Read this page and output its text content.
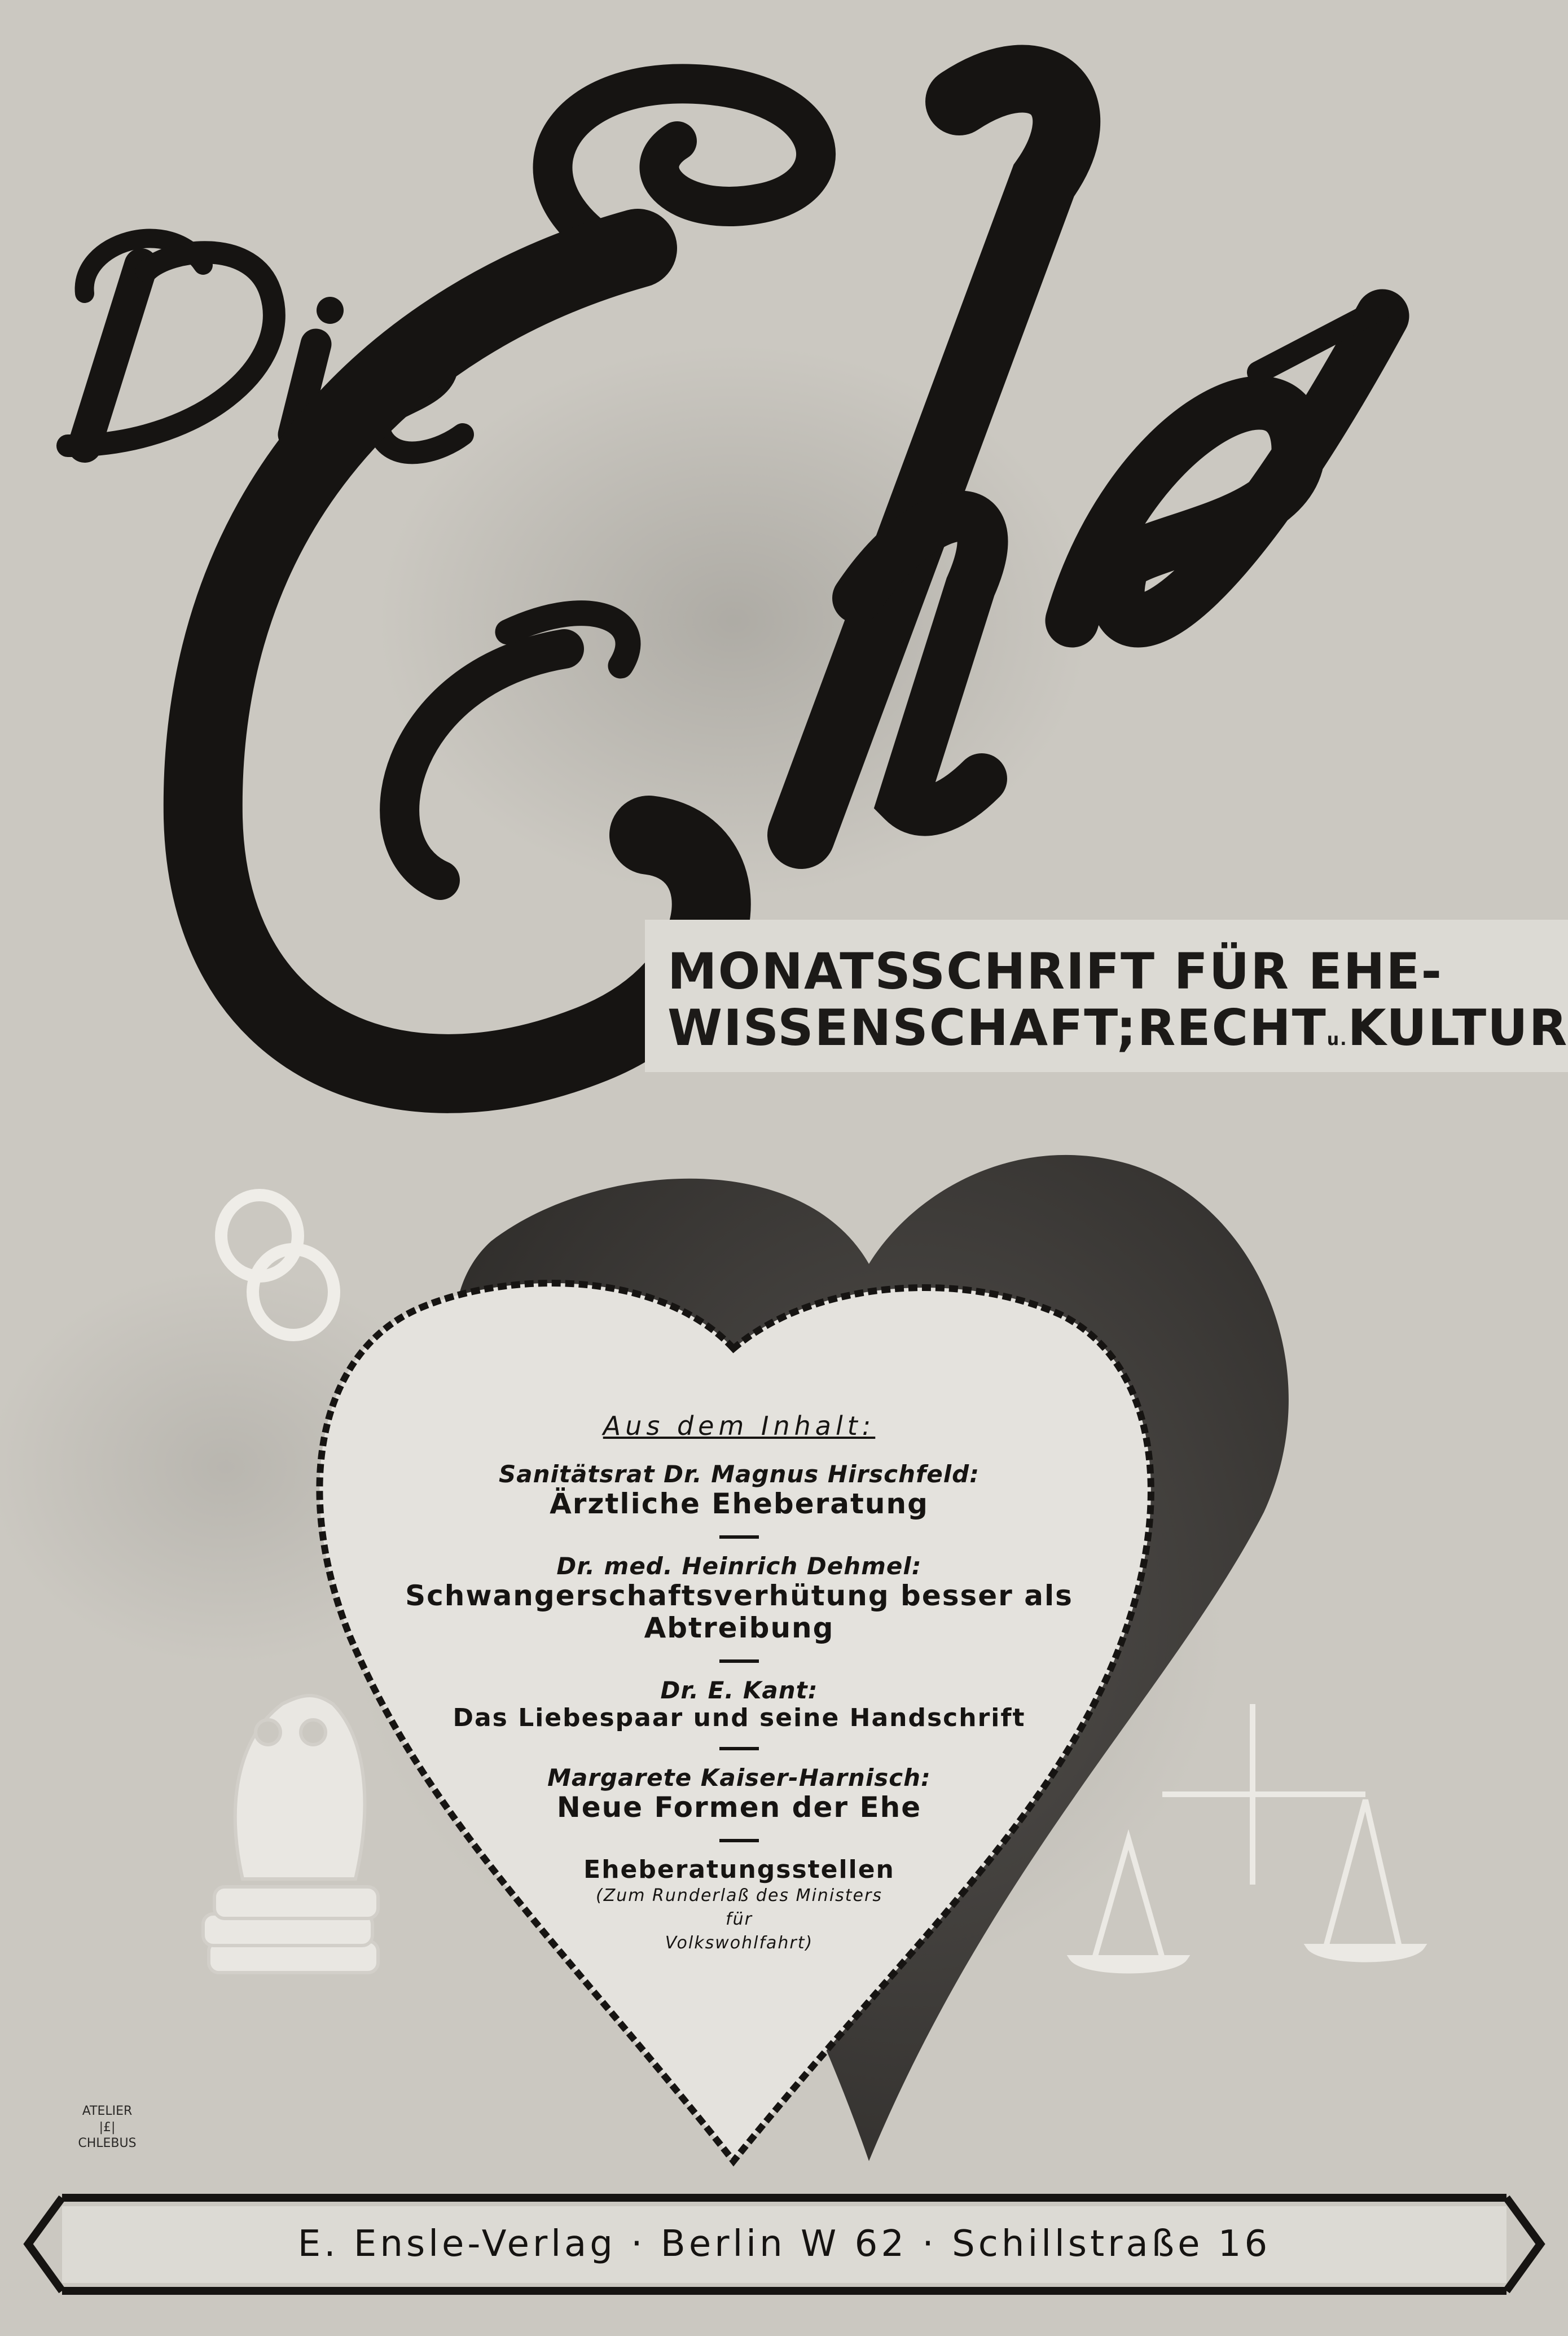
MONATSSCHRIFT FÜR EHE-
WISSENSCHAFT;RECHTu.KULTUR
Aus dem Inhalt:
Sanitätsrat Dr. Magnus Hirschfeld:
Ärztliche Eheberatung
Dr. med. Heinrich Dehmel:
Schwangerschaftsverhütung besser als Abtreibung
Dr. E. Kant:
Das Liebespaar und seine Handschrift
Margarete Kaiser-Harnisch:
Neue Formen der Ehe
Eheberatungsstellen
(Zum Runderlaß des Ministers
für
Volkswohlfahrt)
ATELIER
|£|
CHLEBUS
E. Ensle-Verlag · Berlin W 62 · Schillstraße 16
